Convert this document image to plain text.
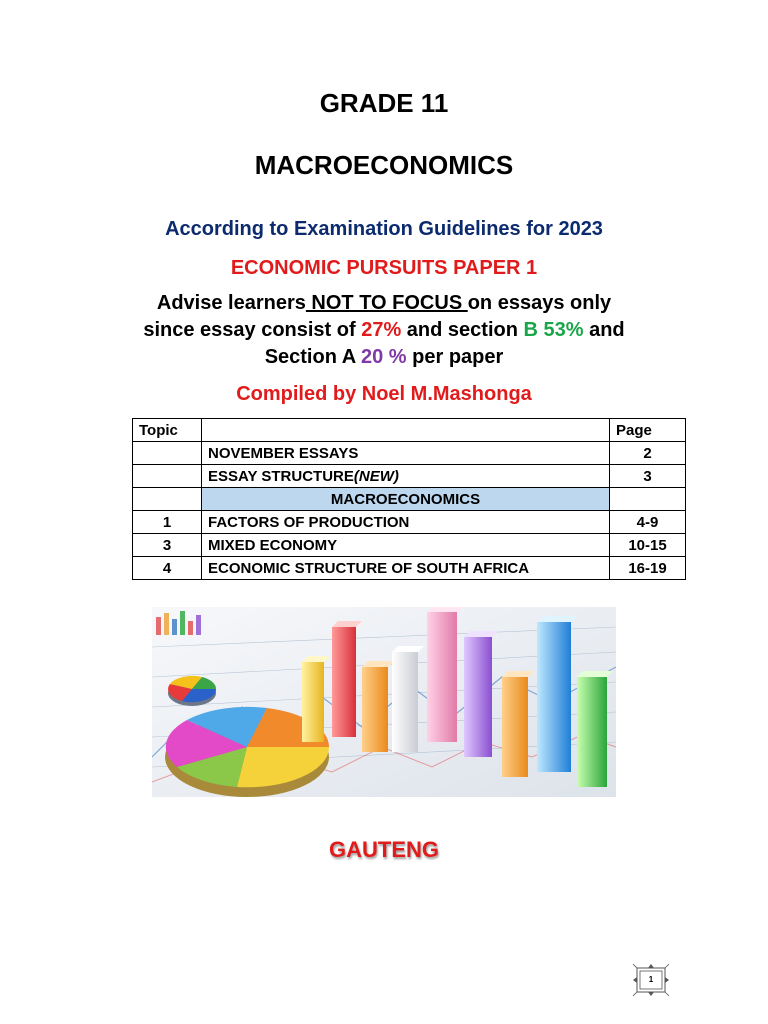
GRADE 11
MACROECONOMICS
According to Examination Guidelines for 2023
ECONOMIC PURSUITS PAPER 1
Advise learners NOT TO FOCUS on essays only
since essay consist of 27% and section B 53% and
Section A 20 % per paper
Compiled by Noel M.Mashonga
Topic		Page
	NOVEMBER ESSAYS	2
	ESSAY STRUCTURE(NEW)	3
	MACROECONOMICS	
1	FACTORS OF PRODUCTION	4-9
3	MIXED ECONOMY	10-15
4	ECONOMIC STRUCTURE OF SOUTH AFRICA	16-19
GAUTENG
1
